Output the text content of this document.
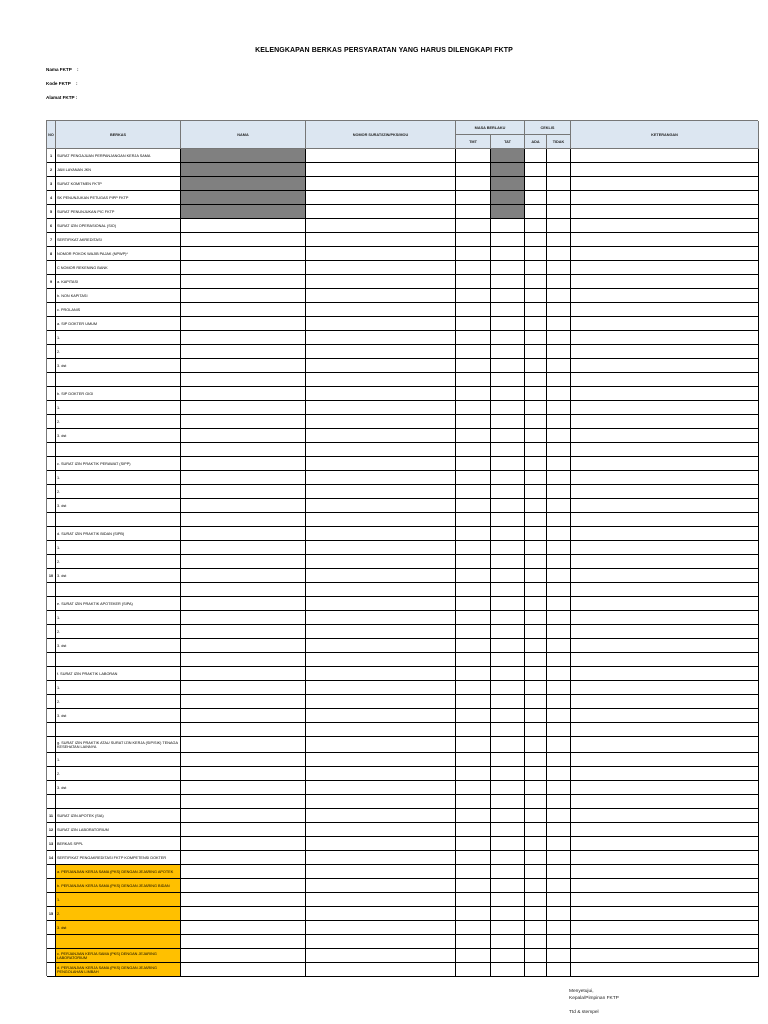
KELENGKAPAN BERKAS PERSYARATAN YANG HARUS DILENGKAPI FKTP
Nama FKTP :
Kode FKTP :
Alamat FKTP :
NO	BERKAS	NAMA	NOMOR SURAT/IZIN/PKS/MOU
MASA BERLAKU
TMT	TAT
CEKLIS
ADA	TIDAK
KETERANGAN
1	SURAT PENGAJUAN PERPANJANGAN KERJA SAMA
2	JAM LAYANAN JKN
3	SURAT KOMITMEN FKTP
4	SK PENUNJUKAN PETUGAS PIPP FKTP
5	SURAT PENUNJUKAN PIC FKTP
6	SURAT IZIN OPERASIONAL (SIO)
7	SERTIFIKAT AKREDITASI
8	NOMOR POKOK WAJIB PAJAK (NPWP)*
C NOMOR REKENING BANK
9	a. KAPITASI
b. NON KAPITASI
c. PROLANIS
a. SIP DOKTER UMUM
1.
2.
3. dst
b. SIP DOKTER GIGI
1.
2.
3. dst
c. SURAT IZIN PRAKTIK PERAWAT (SIPP)
1.
2.
3. dst
d. SURAT IZIN PRAKTIK BIDAN (SIPB)
1.
2.
10	3. dst
e. SURAT IZIN PRAKTIK APOTEKER (SIPA)
1.
2.
3. dst
f. SURAT IZIN PRAKTIK LABORAN
1.
2.
3. dst
g. SURAT IZIN PRAKTIK ATAU SURAT IZIN KERJA (SIP/SIK) TENAGA KESEHATAN LAINNYA
1.
2.
3. dst
11	SURAT IZIN APOTEK (SIA)
12	SURAT IZIN LABORATORIUM
13	BERKAS SPPL
14	SERTIFIKAT PENGAKREDITASI FKTP KOMPETENSI DOKTER
a. PERJANJIAN KERJA SAMA (PKS) DENGAN JEJARING APOTEK
b. PERJANJIAN KERJA SAMA (PKS) DENGAN JEJARING BIDAN
1.
15	2.
3. dst
c. PERJANJIAN KERJA SAMA (PKS) DENGAN JEJARING LABORATORIUM
d. PERJANJIAN KERJA SAMA (PKS) DENGAN JEJARING PENGOLAHAN LIMBAH
Menyetujui,
Kepala/Pimpinan FKTP
Ttd & stempel
